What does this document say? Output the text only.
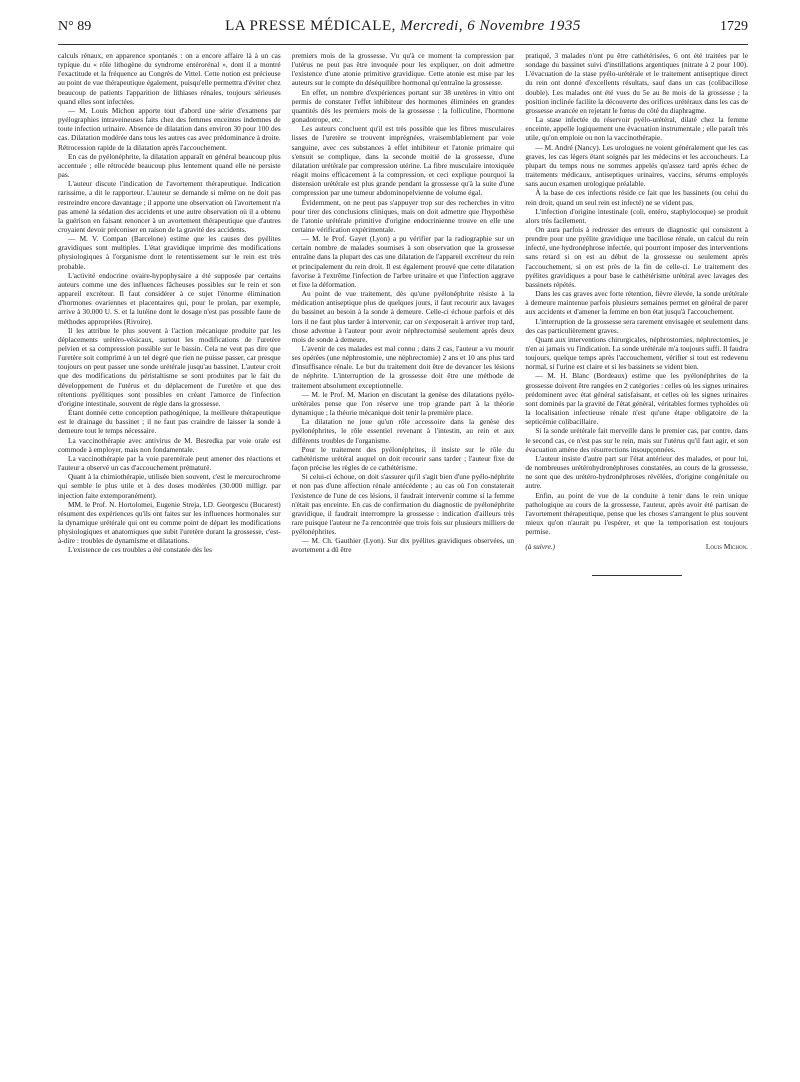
N° 89	LA PRESSE MÉDICALE, Mercredi, 6 Novembre 1935	1729

calculs rénaux, en apparence spontanés : on a encore affaire là à un cas typique du « rôle lithogène du syndrome entérorénal », dont il a montré l'exactitude et la fréquence au Congrès de Vittel. Cette notion est précieuse au point de vue thérapeutique également, puisqu'elle permettra d'éviter chez beaucoup de patients l'apparition de lithiases rénales, toujours sérieuses quand elles sont infectées.

— M. Louis Michon apporte tout d'abord une série d'examens par pyélographies intraveineuses faits chez des femmes enceintes indemnes de toute infection urinaire. Absence de dilatation dans environ 30 pour 100 des cas. Dilatation modérée dans tous les autres cas avec prédominance à droite. Rétrocession rapide de la dilatation après l'accouchement.

En cas de pyélonéphrite, la dilatation apparaît en général beaucoup plus accentuée ; elle rétrocède beaucoup plus lentement quand elle ne persiste pas.

L'auteur discute l'indication de l'avortement thérapeutique. Indication rarissime, a dit le rapporteur. L'auteur se demande si même on ne doit pas restreindre encore davantage ; il apporte une observation où l'avortement n'a pas amené la sédation des accidents et une autre observation où il a obtenu la guérison en faisant renoncer à un avortement thérapeutique que d'autres croyaient devoir préconiser en raison de la gravité des accidents.

— M. V. Compan (Barcelone) estime que les causes des pyélites gravidiques sont multiples. L'état gravidique imprime des modifications physiologiques à l'organisme dont le retentissement sur le rein est très probable.

L'activité endocrine ovaire-hypophysaire a été supposée par certains auteurs comme une des influences fâcheuses possibles sur le rein et son appareil excréteur. Il faut considérer à ce sujet l'énorme élimination d'hormones ovariennes et placentaires qui, pour le prolan, par exemple, arrive à 30.000 U. S. et la lutéine dont le dosage n'est pas possible faute de méthodes appropriées (Rivoire).

Il les attribue le plus souvent à l'action mécanique produite par les déplacements urétéro-vésicaux, surtout les modifications de l'uretère pelvien et sa compression possible sur le bassin. Cela ne veut pas dire que l'uretère soit comprimé à un tel degré que rien ne puisse passer, car presque toujours on peut passer une sonde urétérale jusqu'au bassinet. L'auteur croit que des modifications du péristaltisme se sont produites par le fait du développement de l'utérus et du déplacement de l'uretère et que des rétentions pyélitiques sont possibles en créant l'amorce de l'infection d'origine intestinale, souvent de règle dans la grossesse.

Étant donnée cette conception pathogénique, la meilleure thérapeutique est le drainage du bassinet ; il ne faut pas craindre de laisser la sonde à demeure tout le temps nécessaire.

La vaccinothérapie avec antivirus de M. Besredka par voie orale est commode à employer, mais non fondamentale.

La vaccinothérapie par la voie parentérale peut amener des réactions et l'auteur a observé un cas d'accouchement prématuré.

Quant à la chimiothérapie, utilisée bien souvent, c'est le mercurochrome qui semble le plus utile et à des doses modérées (30.000 milligr. par injection faite extemporanément).

MM. le Prof. N. Hortolomei, Eugenie Streja, I.D. Georgescu (Bucarest) résument des expériences qu'ils ont faites sur les influences hormonales sur la dynamique urétérale qui ont eu comme point de départ les modifications physiologiques et anatomiques que subit l'uretère durant la grossesse, c'est-à-dire : troubles de dynamisme et dilatations.

L'existence de ces troubles a été constatée dès les

premiers mois de la grossesse. Vu qu'à ce moment la compression par l'utérus ne peut pas être invoquée pour les expliquer, on doit admettre l'existence d'une atonie primitive gravidique. Cette atonie est mise par les auteurs sur le compte du déséquilibre hormonal qu'entraîne la grossesse.

En effet, un nombre d'expériences portant sur 38 uretères in vitro ont permis de constater l'effet inhibiteur des hormones éliminées en grandes quantités dès les premiers mois de la grossesse : la folliculine, l'hormone gonadotrope, etc.

Les auteurs concluent qu'il est très possible que les fibres musculaires lisses de l'uretère se trouvent imprégnées, vraisemblablement par voie sanguine, avec ces substances à effet inhibiteur et l'atonie primaire qui s'ensuit se complique, dans la seconde moitié de la grossesse, d'une dilatation urétérale par compression utérine. La fibre musculaire intoxiquée réagit moins efficacement à la compression, et ceci explique pourquoi la distension urétérale est plus grande pendant la grossesse qu'à la suite d'une compression par une tumeur abdominopelvienne de volume égal.

Évidemment, on ne peut pas s'appuyer trop sur des recherches in vitro pour tirer des conclusions cliniques, mais on doit admettre que l'hypothèse de l'atonie urétérale primitive d'origine endocrinienne trouve en elle une certaine vérification expérimentale.

— M. le Prof. Gayet (Lyon) a pu vérifier par la radiographie sur un certain nombre de malades soumises à son observation que la grossesse entraîne dans la plupart des cas une dilatation de l'appareil excréteur du rein et principalement du rein droit. Il est également prouvé que cette dilatation favorise à l'extrême l'infection de l'arbre urinaire et que l'infection aggrave et fixe la déformation.

Au point de vue traitement, dès qu'une pyélonéphrite résiste à la médication antiseptique plus de quelques jours, il faut recourir aux lavages du bassinet au besoin à la sonde à demeure. Celle-ci échoue parfois et dès lors il ne faut plus tarder à intervenir, car on s'exposerait à arriver trop tard, chose advenue à l'auteur pour avoir néphrectomisé seulement après deux mois de sonde à demeure.

L'avenir de ces malades est mal connu ; dans 2 cas, l'auteur a vu mourir ses opérées (une néphrostomie, une néphrectomie) 2 ans et 10 ans plus tard d'insuffisance rénale. Le but du traitement doit être de devancer les lésions de néphrite. L'interruption de la grossesse doit être une méthode de traitement absolument exceptionnelle.

— M. le Prof. M. Marion en discutant la genèse des dilatations pyélo-urétérales pense que l'on réserve une trop grande part à la théorie dynamique ; la théorie mécanique doit tenir la première place.

La dilatation ne joue qu'un rôle accessoire dans la genèse des pyélonéphrites, le rôle essentiel revenant à l'intestin, au rein et aux différents troubles de l'organisme.

Pour le traitement des pyélonéphrites, il insiste sur le rôle du cathétérisme urétéral auquel on doit recourir sans tarder ; l'auteur fixe de façon précise les règles de ce cathétérisme.

Si celui-ci échoue, on doit s'assurer qu'il s'agit bien d'une pyélo-néphrite et non pas d'une affection rénale antécédente ; au cas où l'on constaterait l'existence de l'une de ces lésions, il faudrait intervenir comme si la femme n'était pas enceinte. En cas de confirmation du diagnostic de pyélonéphrite gravidique, il faudrait interrompre la grossesse : indication d'ailleurs très rare puisque l'auteur ne l'a rencontrée que trois fois sur plusieurs milliers de pyélonéphrites.

— M. Ch. Gauthier (Lyon). Sur dix pyélites gravidiques observées, un avortement a dû être

pratiqué, 3 malades n'ont pu être cathétérisées, 6 ont été traitées par le sondage du bassinet suivi d'instillations argentiques (nitrate à 2 pour 100). L'évacuation de la stase pyélo-urétérale et le traitement antiseptique direct du rein ont donné d'excellents résultats, sauf dans un cas (colibacillose double). Les malades ont été vues du 5e au 8e mois de la grossesse ; la position inclinée facilite la découverte des orifices urétéraux dans les cas de grossesse avancée en rejetant le fœtus du côté du diaphragme.

La stase infectée du réservoir pyélo-urétéral, dilaté chez la femme enceinte, appelle logiquement une évacuation instrumentale ; elle paraît très utile, qu'on emploie ou non la vaccinothérapie.

— M. André (Nancy). Les urologues ne voient généralement que les cas graves, les cas légers étant soignés par les médecins et les accoucheurs. La plupart du temps nous ne sommes appelés qu'assez tard après échec de traitements médicaux, antiseptiques urinaires, vaccins, sérums employés sans aucun examen urologique préalable.

À la base de ces infections réside ce fait que les bassinets (ou celui du rein droit, quand un seul rein est infecté) ne se vident pas.

L'infection d'origine intestinale (coli, entéro, staphylocoque) se produit alors très facilement.

On aura parfois à redresser des erreurs de diagnostic qui consistent à prendre pour une pyélite gravidique une bacillose rénale, un calcul du rein infecté, une hydronéphrose infectée, qui pourront imposer des interventions sans retard si on est au début de la grossesse ou seulement après l'accouchement, si on est près de la fin de celle-ci. Le traitement des pyélites gravidiques a pour base le cathétérisme urétéral avec lavages des bassinets répétés.

Dans les cas graves avec forte rétention, fièvre élevée, la sonde urétérale à demeure maintenue parfois plusieurs semaines permet en général de parer aux accidents et d'amener la femme en bon état jusqu'à l'accouchement.

L'interruption de la grossesse sera rarement envisagée et seulement dans des cas particulièrement graves.

Quant aux interventions chirurgicales, néphrostomies, néphrectomies, je n'en ai jamais vu l'indication. La sonde urétérale m'a toujours suffi. Il faudra toujours, quelque temps après l'accouchement, vérifier si tout est redevenu normal, si l'urine est claire et si les bassinets se vident bien.

— M. H. Blanc (Bordeaux) estime que les pyélonéphrites de la grossesse doivent être rangées en 2 catégories : celles où les signes urinaires prédominent avec état général satisfaisant, et celles où les signes urinaires sont dominés par la gravité de l'état général, véritables formes typhoïdes où la localisation infectieuse rénale n'est qu'une étape obligatoire de la septicémie colibacillaire.

Si la sonde urétérale fait merveille dans le premier cas, par contre, dans le second cas, ce n'est pas sur le rein, mais sur l'utérus qu'il faut agir, et son évacuation amène des résurrections insoupçonnées.

L'auteur insiste d'autre part sur l'état antérieur des malades, et pour lui, de nombreuses urétérohydronéphroses constatées, au cours de la grossesse, ne sont que des urétéro-hydronéphroses révélées, d'origine congénitale ou autre.

Enfin, au point de vue de la conduite à tenir dans le rein unique pathologique au cours de la grossesse, l'auteur, après avoir été partisan de l'avortement thérapeutique, pense que les choses s'arrangent le plus souvent mieux qu'on n'aurait pu l'espérer, et que la temporisation est toujours permise.

(à suivre.)	Louis Michon.
